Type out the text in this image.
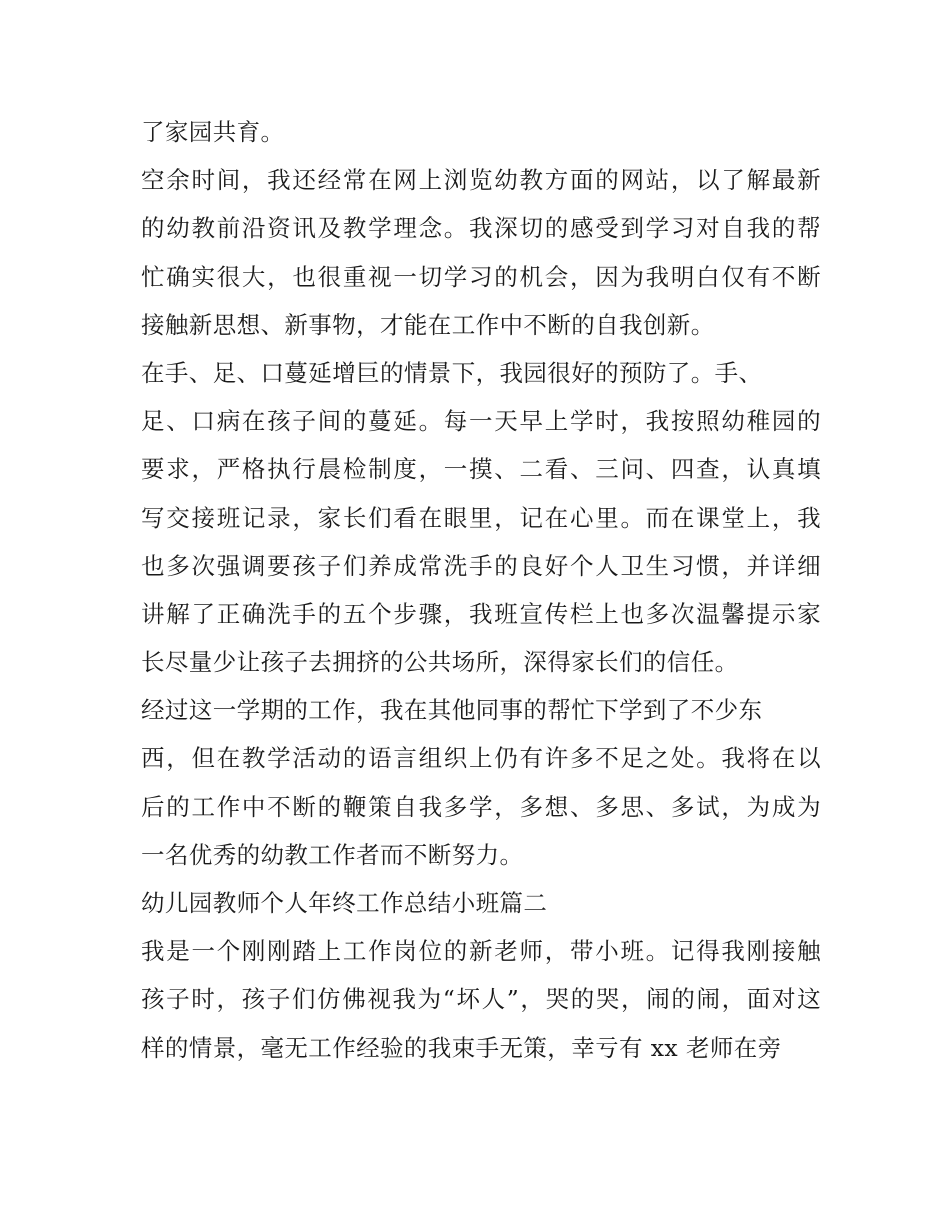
了家园共育。
空余时间，我还经常在网上浏览幼教方面的网站，以了解最新
的幼教前沿资讯及教学理念。我深切的感受到学习对自我的帮
忙确实很大，也很重视一切学习的机会，因为我明白仅有不断
接触新思想、新事物，才能在工作中不断的自我创新。
在手、足、口蔓延增巨的情景下，我园很好的预防了。手、
足、口病在孩子间的蔓延。每一天早上学时，我按照幼稚园的
要求，严格执行晨检制度，一摸、二看、三问、四查，认真填
写交接班记录，家长们看在眼里，记在心里。而在课堂上，我
也多次强调要孩子们养成常洗手的良好个人卫生习惯，并详细
讲解了正确洗手的五个步骤，我班宣传栏上也多次温馨提示家
长尽量少让孩子去拥挤的公共场所，深得家长们的信任。
经过这一学期的工作，我在其他同事的帮忙下学到了不少东
西，但在教学活动的语言组织上仍有许多不足之处。我将在以
后的工作中不断的鞭策自我多学，多想、多思、多试，为成为
一名优秀的幼教工作者而不断努力。
幼儿园教师个人年终工作总结小班篇二
我是一个刚刚踏上工作岗位的新老师，带小班。记得我刚接触
孩子时，孩子们仿佛视我为“坏人”，哭的哭，闹的闹，面对这
样的情景，毫无工作经验的我束手无策，幸亏有 xx 老师在旁
